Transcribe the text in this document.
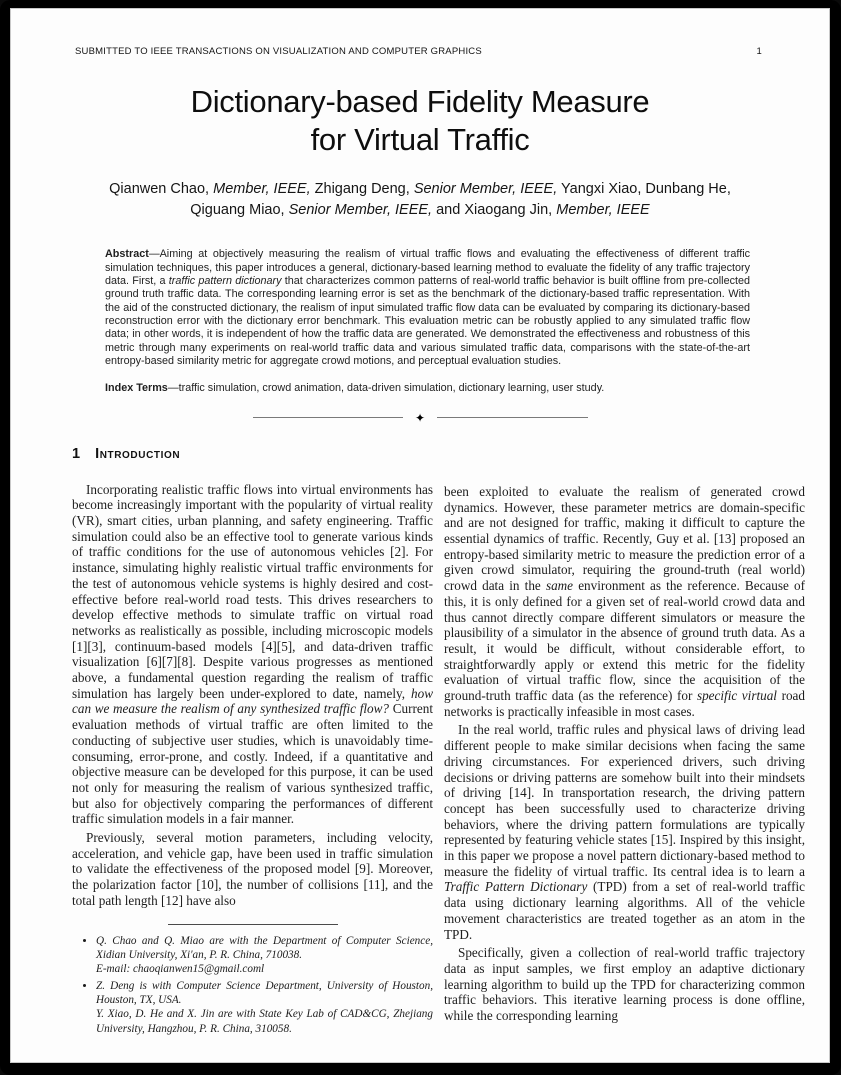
SUBMITTED TO IEEE TRANSACTIONS ON VISUALIZATION AND COMPUTER GRAPHICS	1
Dictionary-based Fidelity Measure
for Virtual Traffic
Qianwen Chao, Member, IEEE, Zhigang Deng, Senior Member, IEEE, Yangxi Xiao, Dunbang He,
Qiguang Miao, Senior Member, IEEE, and Xiaogang Jin, Member, IEEE

Abstract—Aiming at objectively measuring the realism of virtual traffic flows and evaluating the effectiveness of different traffic simulation techniques, this paper introduces a general, dictionary-based learning method to evaluate the fidelity of any traffic trajectory data. First, a traffic pattern dictionary that characterizes common patterns of real-world traffic behavior is built offline from pre-collected ground truth traffic data. The corresponding learning error is set as the benchmark of the dictionary-based traffic representation. With the aid of the constructed dictionary, the realism of input simulated traffic flow data can be evaluated by comparing its dictionary-based reconstruction error with the dictionary error benchmark. This evaluation metric can be robustly applied to any simulated traffic flow data; in other words, it is independent of how the traffic data are generated. We demonstrated the effectiveness and robustness of this metric through many experiments on real-world traffic data and various simulated traffic data, comparisons with the state-of-the-art entropy-based similarity metric for aggregate crowd motions, and perceptual evaluation studies.

Index Terms—traffic simulation, crowd animation, data-driven simulation, dictionary learning, user study.

✦
1 Introduction

Incorporating realistic traffic flows into virtual environments has become increasingly important with the popularity of virtual reality (VR), smart cities, urban planning, and safety engineering. Traffic simulation could also be an effective tool to generate various kinds of traffic conditions for the use of autonomous vehicles [2]. For instance, simulating highly realistic virtual traffic environments for the test of autonomous vehicle systems is highly desired and cost-effective before real-world road tests. This drives researchers to develop effective methods to simulate traffic on virtual road networks as realistically as possible, including microscopic models [1][3], continuum-based models [4][5], and data-driven traffic visualization [6][7][8]. Despite various progresses as mentioned above, a fundamental question regarding the realism of traffic simulation has largely been under-explored to date, namely, how can we measure the realism of any synthesized traffic flow? Current evaluation methods of virtual traffic are often limited to the conducting of subjective user studies, which is unavoidably time-consuming, error-prone, and costly. Indeed, if a quantitative and objective measure can be developed for this purpose, it can be used not only for measuring the realism of various synthesized traffic, but also for objectively comparing the performances of different traffic simulation models in a fair manner.

Previously, several motion parameters, including velocity, acceleration, and vehicle gap, have been used in traffic simulation to validate the effectiveness of the proposed model [9]. Moreover, the polarization factor [10], the number of collisions [11], and the total path length [12] have also

• Q. Chao and Q. Miao are with the Department of Computer Science, Xidian University, Xi'an, P. R. China, 710038.
E-mail: chaoqianwen15@gmail.coml
• Z. Deng is with Computer Science Department, University of Houston, Houston, TX, USA.
Y. Xiao, D. He and X. Jin are with State Key Lab of CAD&CG, Zhejiang University, Hangzhou, P. R. China, 310058.

been exploited to evaluate the realism of generated crowd dynamics. However, these parameter metrics are domain-specific and are not designed for traffic, making it difficult to capture the essential dynamics of traffic. Recently, Guy et al. [13] proposed an entropy-based similarity metric to measure the prediction error of a given crowd simulator, requiring the ground-truth (real world) crowd data in the same environment as the reference. Because of this, it is only defined for a given set of real-world crowd data and thus cannot directly compare different simulators or measure the plausibility of a simulator in the absence of ground truth data. As a result, it would be difficult, without considerable effort, to straightforwardly apply or extend this metric for the fidelity evaluation of virtual traffic flow, since the acquisition of the ground-truth traffic data (as the reference) for specific virtual road networks is practically infeasible in most cases.

In the real world, traffic rules and physical laws of driving lead different people to make similar decisions when facing the same driving circumstances. For experienced drivers, such driving decisions or driving patterns are somehow built into their mindsets of driving [14]. In transportation research, the driving pattern concept has been successfully used to characterize driving behaviors, where the driving pattern formulations are typically represented by featuring vehicle states [15]. Inspired by this insight, in this paper we propose a novel pattern dictionary-based method to measure the fidelity of virtual traffic. Its central idea is to learn a Traffic Pattern Dictionary (TPD) from a set of real-world traffic data using dictionary learning algorithms. All of the vehicle movement characteristics are treated together as an atom in the TPD.

Specifically, given a collection of real-world traffic trajectory data as input samples, we first employ an adaptive dictionary learning algorithm to build up the TPD for characterizing common traffic behaviors. This iterative learning process is done offline, while the corresponding learning
